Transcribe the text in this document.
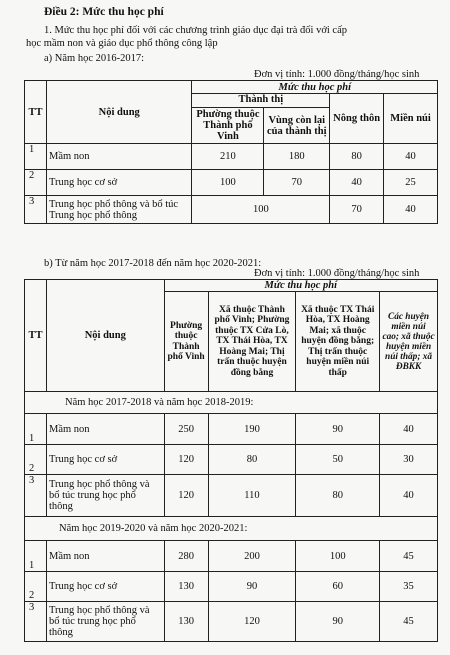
Điều 2: Mức thu học phí
1. Mức thu học phí đối với các chương trình giáo dục đại trà đối với cấp
học mầm non và giáo dục phổ thông công lập
a) Năm học 2016-2017:
Đơn vị tính: 1.000 đồng/tháng/học sinh
TT	Nội dung	Mức thu học phí			
		Thành thị		Nông thôn	Miền núi
		Phường thuộc Thành phố Vinh	Vùng còn lại của thành thị		
1	Mầm non	210	180	80	40
2	Trung học cơ sở	100	70	40	25
3	Trung học phổ thông và bổ túc Trung học phổ thông	100		70	40
b) Từ năm học 2017-2018 đến năm học 2020-2021:
Đơn vị tính: 1.000 đồng/tháng/học sinh
TT	Nội dung	Mức thu học phí			
		Phường thuộc Thành phố Vinh	Xã thuộc Thành phố Vinh; Phường thuộc TX Cửa Lò, TX Thái Hòa, TX Hoàng Mai; Thị trấn thuộc huyện đồng bằng	Xã thuộc TX Thái Hòa, TX Hoàng Mai; xã thuộc huyện đồng bằng; Thị trấn thuộc huyện miền núi thấp	Các huyện miền núi cao; xã thuộc huyện miền núi thấp; xã ĐBKK
Năm học 2017-2018 và năm học 2018-2019:					
1	Mầm non	250	190	90	40
2	Trung học cơ sở	120	80	50	30
3	Trung học phổ thông và bổ túc trung học phổ thông	120	110	80	40
Năm học 2019-2020 và năm học 2020-2021:					
1	Mầm non	280	200	100	45
2	Trung học cơ sở	130	90	60	35
3	Trung học phổ thông và bổ túc trung học phổ thông	130	120	90	45
